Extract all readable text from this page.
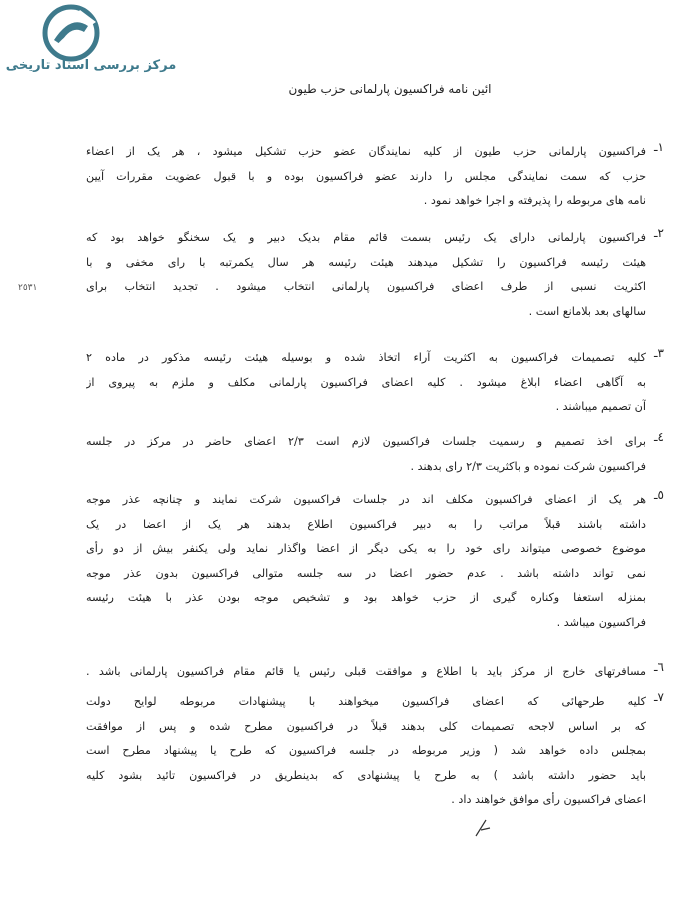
مرکز بررسی اسناد تاریخی
ائین نامه فراکسیون پارلمانی حزب طیون
٢٥٣١
١ـ
فراکسیون پارلمانی حزب طیون از کلیه نمایندگان عضو حزب تشکیل میشود ، هر یک از اعضاء
حزب که سمت نمایندگی مجلس را دارند عضو فراکسیون بوده و با قبول عضویت مقررات آیین
نامه های مربوطه را پذیرفته و اجرا خواهد نمود .
٢ـ
فراکسیون پارلمانی دارای یک رئیس بسمت قائم مقام بدیک دبیر و یک سخنگو خواهد بود که
هیئت رئیسه فراکسیون را تشکیل میدهند هیئت رئیسه هر سال یکمرتبه با رای مخفی و با
اکثریت نسبی از طرف اعضای فراکسیون پارلمانی انتخاب میشود . تجدید انتخاب برای
سالهای بعد بلامانع است .
٣ـ
کلیه تصمیمات فراکسیون به اکثریت آراء اتخاذ شده و بوسیله هیئت رئیسه مذکور در ماده ٢
به آگاهی اعضاء ابلاغ میشود . کلیه اعضای فراکسیون پارلمانی مکلف و ملزم به پیروی از
آن تصمیم میباشند .
٤ـ
برای اخذ تصمیم و رسمیت جلسات فراکسیون لازم است ٢/٣ اعضای حاضر در مرکز در جلسه
فراکسیون شرکت نموده و باکثریت ٢/٣ رای بدهند .
٥ـ
هر یک از اعضای فراکسیون مکلف اند در جلسات فراکسیون شرکت نمایند و چنانچه عذر موجه
داشته باشند قبلاً مراتب را به دبیر فراکسیون اطلاع بدهند هر یک از اعضا در یک
موضوع خصوصی میتواند رای خود را به یکی دیگر از اعضا واگذار نماید ولی یکنفر بیش از دو رأی
نمی تواند داشته باشد . عدم حضور اعضا در سه جلسه متوالی فراکسیون بدون عذر موجه
بمنزله استعفا وکناره گیری از حزب خواهد بود و تشخیص موجه بودن عذر با هیئت رئیسه
فراکسیون میباشد .
٦ـ
مسافرتهای خارج از مرکز باید با اطلاع و موافقت قبلی رئیس یا قائم مقام فراکسیون پارلمانی باشد .
٧ـ
کلیه طرحهائی که اعضای فراکسیون میخواهند با پیشنهادات مربوطه لوایح دولت
که بر اساس لاجحه تصمیمات کلی بدهند قبلاً در فراکسیون مطرح شده و پس از موافقت
بمجلس داده خواهد شد ( وزیر مربوطه در جلسه فراکسیون که طرح یا پیشنهاد مطرح است
باید حضور داشته باشد ) به طرح یا پیشنهادی که بدینطریق در فراکسیون تائید بشود کلیه
اعضای فراکسیون رأی موافق خواهند داد .
